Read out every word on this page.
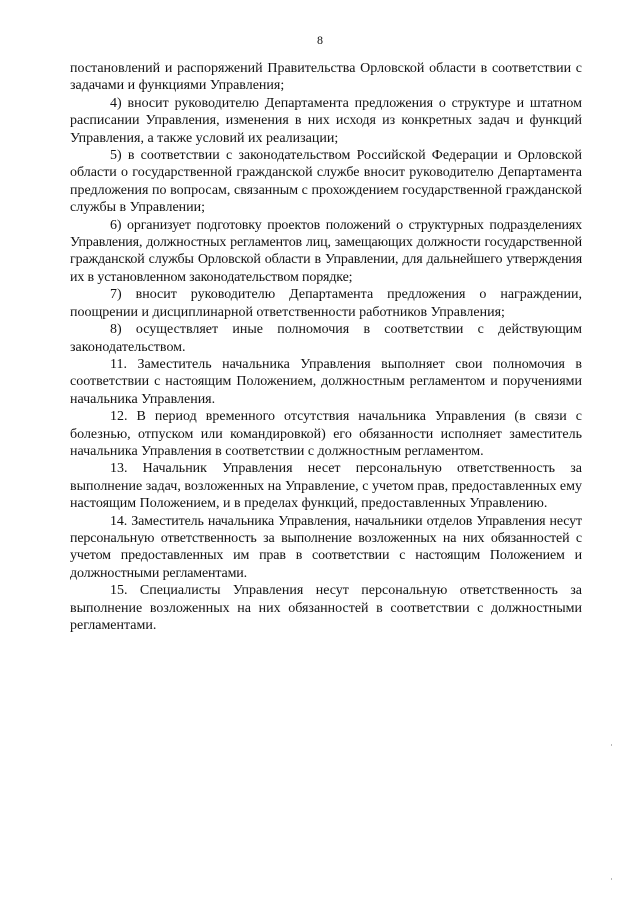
8

постановлений и распоряжений Правительства Орловской области в соответствии с задачами и функциями Управления;

4) вносит руководителю Департамента предложения о структуре и штатном расписании Управления, изменения в них исходя из конкретных задач и функций Управления, а также условий их реализации;

5) в соответствии с законодательством Российской Федерации и Орловской области о государственной гражданской службе вносит руководителю Департамента предложения по вопросам, связанным с прохождением государственной гражданской службы в Управлении;

6) организует подготовку проектов положений о структурных подразделениях Управления, должностных регламентов лиц, замещающих должности государственной гражданской службы Орловской области в Управлении, для дальнейшего утверждения их в установленном законодательством порядке;

7) вносит руководителю Департамента предложения о награждении, поощрении и дисциплинарной ответственности работников Управления;

8) осуществляет иные полномочия в соответствии с действующим законодательством.

11. Заместитель начальника Управления выполняет свои полномочия в соответствии с настоящим Положением, должностным регламентом и поручениями начальника Управления.

12. В период временного отсутствия начальника Управления (в связи с болезнью, отпуском или командировкой) его обязанности исполняет заместитель начальника Управления в соответствии с должностным регламентом.

13. Начальник Управления несет персональную ответственность за выполнение задач, возложенных на Управление, с учетом прав, предоставленных ему настоящим Положением, и в пределах функций, предоставленных Управлению.

14. Заместитель начальника Управления, начальники отделов Управления несут персональную ответственность за выполнение возложенных на них обязанностей с учетом предоставленных им прав в соответствии с настоящим Положением и должностными регламентами.

15. Специалисты Управления несут персональную ответственность за выполнение возложенных на них обязанностей в соответствии с должностными регламентами.
